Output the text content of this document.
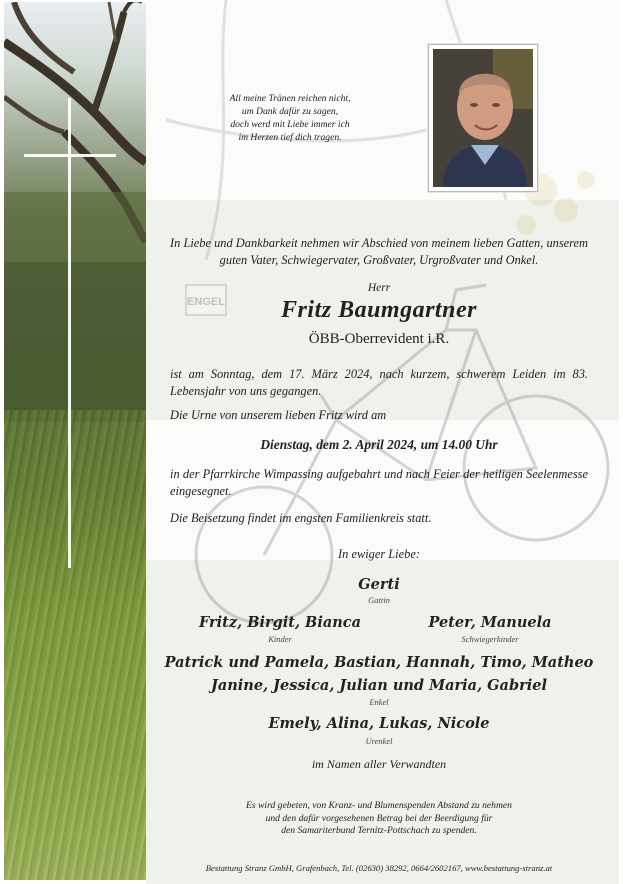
ENGEL

All meine Tränen reichen nicht,
um Dank dafür zu sagen,
doch werd mit Liebe immer ich
im Herzen tief dich tragen.

In Liebe und Dankbarkeit nehmen wir Abschied von meinem lieben Gatten, unserem guten Vater, Schwiegervater, Großvater, Urgroßvater und Onkel.

Herr

Fritz Baumgartner

ÖBB-Oberrevident i.R.

ist am Sonntag, dem 17. März 2024, nach kurzem, schwerem Leiden im 83. Lebensjahr von uns gegangen.

Die Urne von unserem lieben Fritz wird am

Dienstag, dem 2. April 2024, um 14.00 Uhr

in der Pfarrkirche Wimpassing aufgebahrt und nach Feier der heiligen Seelenmesse eingesegnet.

Die Beisetzung findet im engsten Familienkreis statt.

In ewiger Liebe:

Gerti

Gattin

Fritz, Birgit, Bianca

Kinder

Peter, Manuela

Schwiegerkinder

Patrick und Pamela, Bastian, Hannah, Timo, Matheo

Janine, Jessica, Julian und Maria, Gabriel

Enkel

Emely, Alina, Lukas, Nicole

Urenkel

im Namen aller Verwandten

Es wird gebeten, von Kranz- und Blumenspenden Abstand zu nehmen
und den dafür vorgesehenen Betrag bei der Beerdigung für
den Samariterbund Ternitz-Pottschach zu spenden.

Bestattung Stranz GmbH, Grafenbach, Tel. (02630) 38292, 0664/2602167, www.bestattung-stranz.at
